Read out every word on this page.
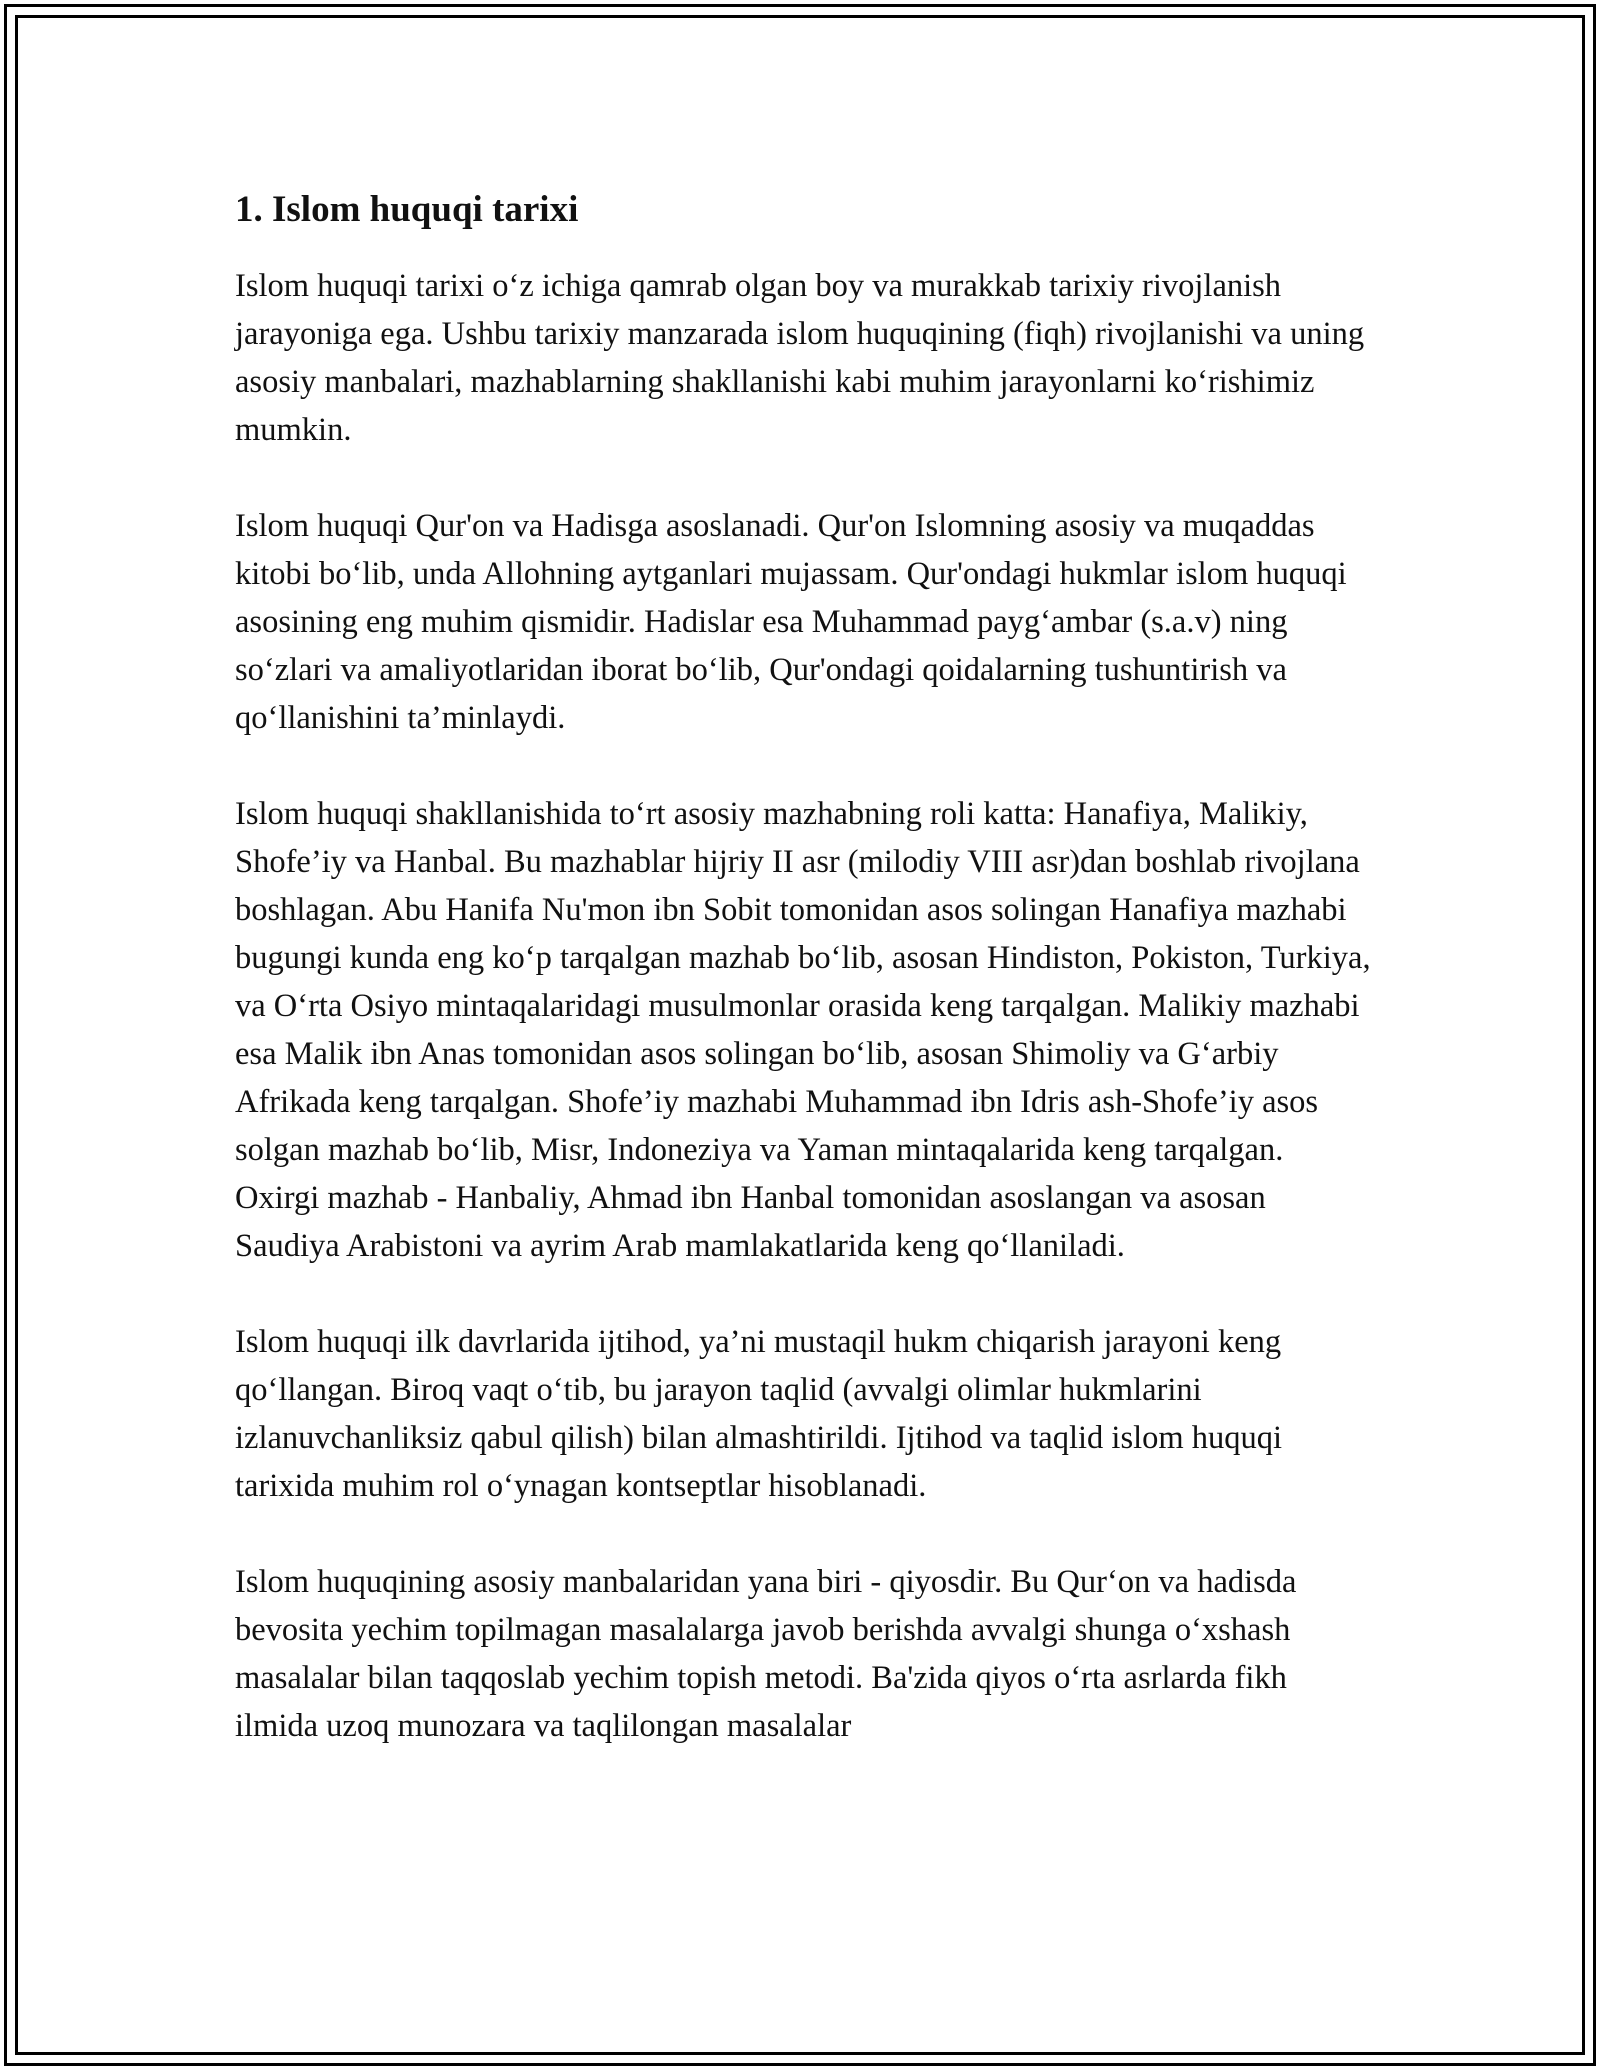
1. Islom huquqi tarixi

Islom huquqi tarixi o‘z ichiga qamrab olgan boy va murakkab tarixiy rivojlanish jarayoniga ega. Ushbu tarixiy manzarada islom huquqining (fiqh) rivojlanishi va uning asosiy manbalari, mazhablarning shakllanishi kabi muhim jarayonlarni ko‘rishimiz mumkin.

Islom huquqi Qur'on va Hadisga asoslanadi. Qur'on Islomning asosiy va muqaddas kitobi bo‘lib, unda Allohning aytganlari mujassam. Qur'ondagi hukmlar islom huquqi asosining eng muhim qismidir. Hadislar esa Muhammad payg‘ambar (s.a.v) ning so‘zlari va amaliyotlaridan iborat bo‘lib, Qur'ondagi qoidalarning tushuntirish va qo‘llanishini ta’minlaydi.

Islom huquqi shakllanishida to‘rt asosiy mazhabning roli katta: Hanafiya, Malikiy, Shofe’iy va Hanbal. Bu mazhablar hijriy II asr (milodiy VIII asr)dan boshlab rivojlana boshlagan. Abu Hanifa Nu'mon ibn Sobit tomonidan asos solingan Hanafiya mazhabi bugungi kunda eng ko‘p tarqalgan mazhab bo‘lib, asosan Hindiston, Pokiston, Turkiya, va O‘rta Osiyo mintaqalaridagi musulmonlar orasida keng tarqalgan. Malikiy mazhabi esa Malik ibn Anas tomonidan asos solingan bo‘lib, asosan Shimoliy va G‘arbiy Afrikada keng tarqalgan. Shofe’iy mazhabi Muhammad ibn Idris ash-Shofe’iy asos solgan mazhab bo‘lib, Misr, Indoneziya va Yaman mintaqalarida keng tarqalgan. Oxirgi mazhab - Hanbaliy, Ahmad ibn Hanbal tomonidan asoslangan va asosan Saudiya Arabistoni va ayrim Arab mamlakatlarida keng qo‘llaniladi.

Islom huquqi ilk davrlarida ijtihod, ya’ni mustaqil hukm chiqarish jarayoni keng qo‘llangan. Biroq vaqt o‘tib, bu jarayon taqlid (avvalgi olimlar hukmlarini izlanuvchanliksiz qabul qilish) bilan almashtirildi. Ijtihod va taqlid islom huquqi tarixida muhim rol o‘ynagan kontseptlar hisoblanadi.

Islom huquqining asosiy manbalaridan yana biri - qiyosdir. Bu Qur‘on va hadisda bevosita yechim topilmagan masalalarga javob berishda avvalgi shunga o‘xshash masalalar bilan taqqoslab yechim topish metodi. Ba'zida qiyos o‘rta asrlarda fikh ilmida uzoq munozara va taqlilongan masalalar
